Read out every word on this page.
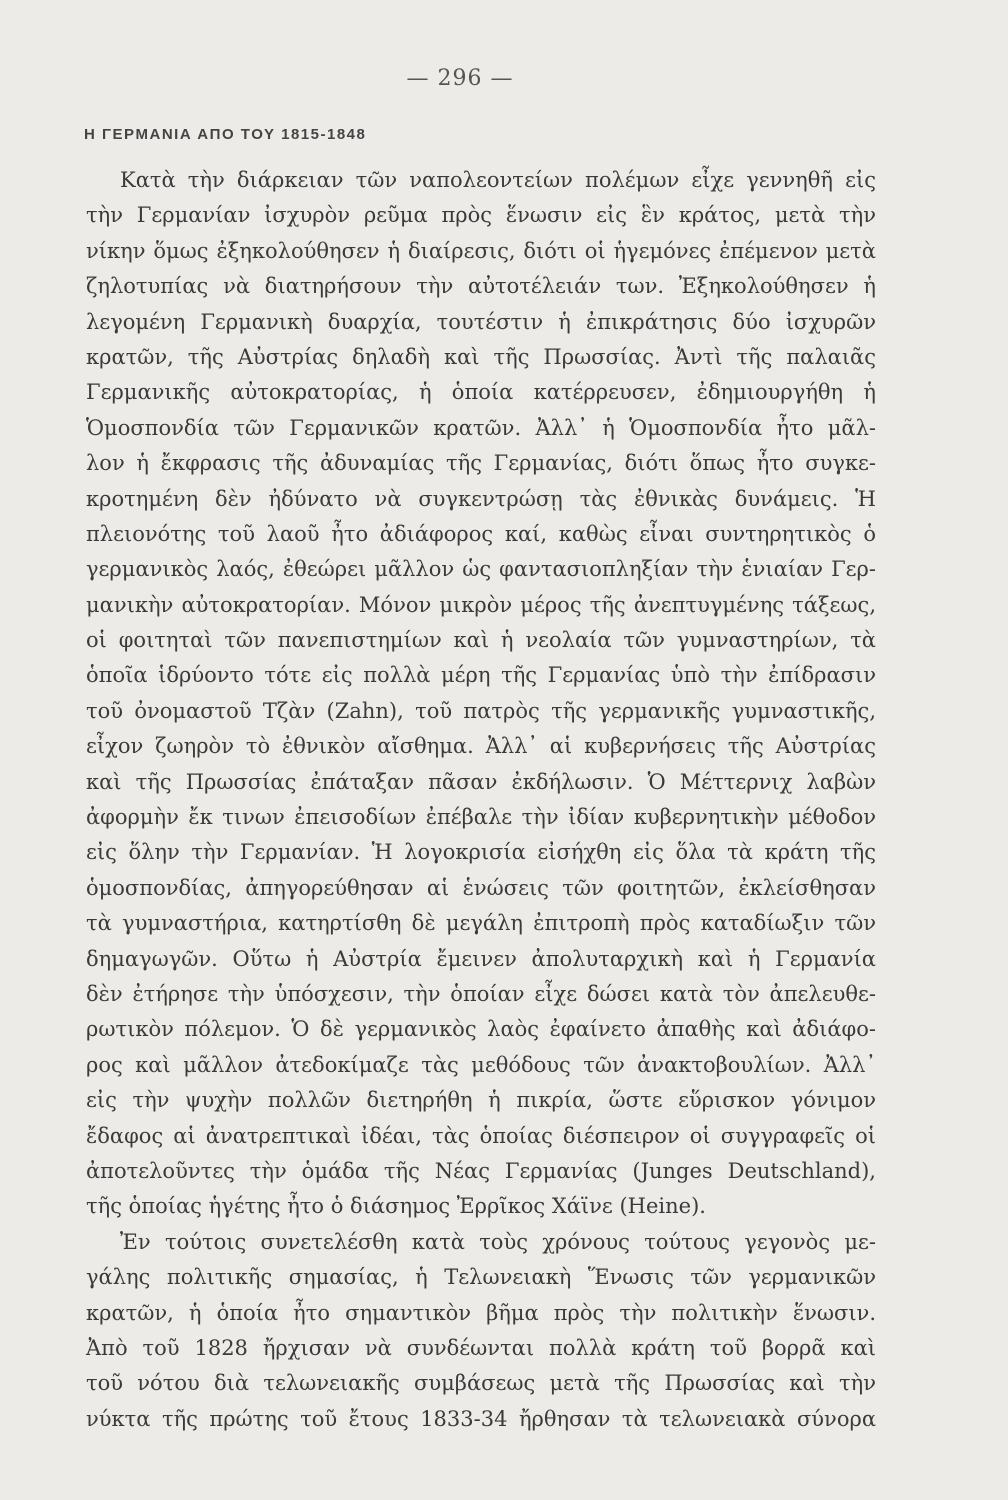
— 296 —
Η ΓΕΡΜΑΝΙΑ ΑΠΟ ΤΟΥ 1815-1848
Κατὰ τὴν διάρκειαν τῶν ναπολεοντείων πολέμων εἶχε γεννηθῆ εἰς
τὴν Γερμανίαν ἰσχυρὸν ρεῦμα πρὸς ἕνωσιν εἰς ἓν κράτος, μετὰ τὴν
νίκην ὅμως ἐξηκολούθησεν ἡ διαίρεσις, διότι οἱ ἡγεμόνες ἐπέμενον μετὰ
ζηλοτυπίας νὰ διατηρήσουν τὴν αὐτοτέλειάν των. Ἐξηκολούθησεν ἡ
λεγομένη Γερμανικὴ δυαρχία, τουτέστιν ἡ ἐπικράτησις δύο ἰσχυρῶν
κρατῶν, τῆς Αὐστρίας δηλαδὴ καὶ τῆς Πρωσσίας. Ἀντὶ τῆς παλαιᾶς
Γερμανικῆς αὐτοκρατορίας, ἡ ὁποία κατέρρευσεν, ἐδημιουργήθη ἡ
Ὁμοσπονδία τῶν Γερμανικῶν κρατῶν. Ἀλλ᾽ ἡ Ὁμοσπονδία ἦτο μᾶλ-
λον ἡ ἔκφρασις τῆς ἀδυναμίας τῆς Γερμανίας, διότι ὅπως ἦτο συγκε-
κροτημένη δὲν ἠδύνατο νὰ συγκεντρώσῃ τὰς ἐθνικὰς δυνάμεις. Ἡ
πλειονότης τοῦ λαοῦ ἦτο ἀδιάφορος καί, καθὼς εἶναι συντηρητικὸς ὁ
γερμανικὸς λαός, ἐθεώρει μᾶλλον ὡς φαντασιοπληξίαν τὴν ἑνιαίαν Γερ-
μανικὴν αὐτοκρατορίαν. Μόνον μικρὸν μέρος τῆς ἀνεπτυγμένης τάξεως,
οἱ φοιτηταὶ τῶν πανεπιστημίων καὶ ἡ νεολαία τῶν γυμναστηρίων, τὰ
ὁποῖα ἱδρύοντο τότε εἰς πολλὰ μέρη τῆς Γερμανίας ὑπὸ τὴν ἐπίδρασιν
τοῦ ὀνομαστοῦ Τζὰν (Zahn), τοῦ πατρὸς τῆς γερμανικῆς γυμναστικῆς,
εἶχον ζωηρὸν τὸ ἐθνικὸν αἴσθημα. Ἀλλ᾽ αἱ κυβερνήσεις τῆς Αὐστρίας
καὶ τῆς Πρωσσίας ἐπάταξαν πᾶσαν ἐκδήλωσιν. Ὁ Μέττερνιχ λαβὼν
ἀφορμὴν ἔκ τινων ἐπεισοδίων ἐπέβαλε τὴν ἰδίαν κυβερνητικὴν μέθοδον
εἰς ὅλην τὴν Γερμανίαν. Ἡ λογοκρισία εἰσήχθη εἰς ὅλα τὰ κράτη τῆς
ὁμοσπονδίας, ἀπηγορεύθησαν αἱ ἑνώσεις τῶν φοιτητῶν, ἐκλείσθησαν
τὰ γυμναστήρια, κατηρτίσθη δὲ μεγάλη ἐπιτροπὴ πρὸς καταδίωξιν τῶν
δημαγωγῶν. Οὕτω ἡ Αὐστρία ἔμεινεν ἀπολυταρχικὴ καὶ ἡ Γερμανία
δὲν ἐτήρησε τὴν ὑπόσχεσιν, τὴν ὁποίαν εἶχε δώσει κατὰ τὸν ἀπελευθε-
ρωτικὸν πόλεμον. Ὁ δὲ γερμανικὸς λαὸς ἐφαίνετο ἀπαθὴς καὶ ἀδιάφο-
ρος καὶ μᾶλλον ἀτεδοκίμαζε τὰς μεθόδους τῶν ἀνακτοβουλίων. Ἀλλ᾽
εἰς τὴν ψυχὴν πολλῶν διετηρήθη ἡ πικρία, ὥστε εὕρισκον γόνιμον
ἔδαφος αἱ ἀνατρεπτικαὶ ἰδέαι, τὰς ὁποίας διέσπειρον οἱ συγγραφεῖς οἱ
ἀποτελοῦντες τὴν ὁμάδα τῆς Νέας Γερμανίας (Junges Deutschland),
τῆς ὁποίας ἡγέτης ἦτο ὁ διάσημος Ἐρρῖκος Χάϊνε (Heine).
Ἐν τούτοις συνετελέσθη κατὰ τοὺς χρόνους τούτους γεγονὸς με-
γάλης πολιτικῆς σημασίας, ἡ Τελωνειακὴ Ἕνωσις τῶν γερμανικῶν
κρατῶν, ἡ ὁποία ἦτο σημαντικὸν βῆμα πρὸς τὴν πολιτικὴν ἕνωσιν.
Ἀπὸ τοῦ 1828 ἤρχισαν νὰ συνδέωνται πολλὰ κράτη τοῦ βορρᾶ καὶ
τοῦ νότου διὰ τελωνειακῆς συμβάσεως μετὰ τῆς Πρωσσίας καὶ τὴν
νύκτα τῆς πρώτης τοῦ ἔτους 1833-34 ἤρθησαν τὰ τελωνειακὰ σύνορα
